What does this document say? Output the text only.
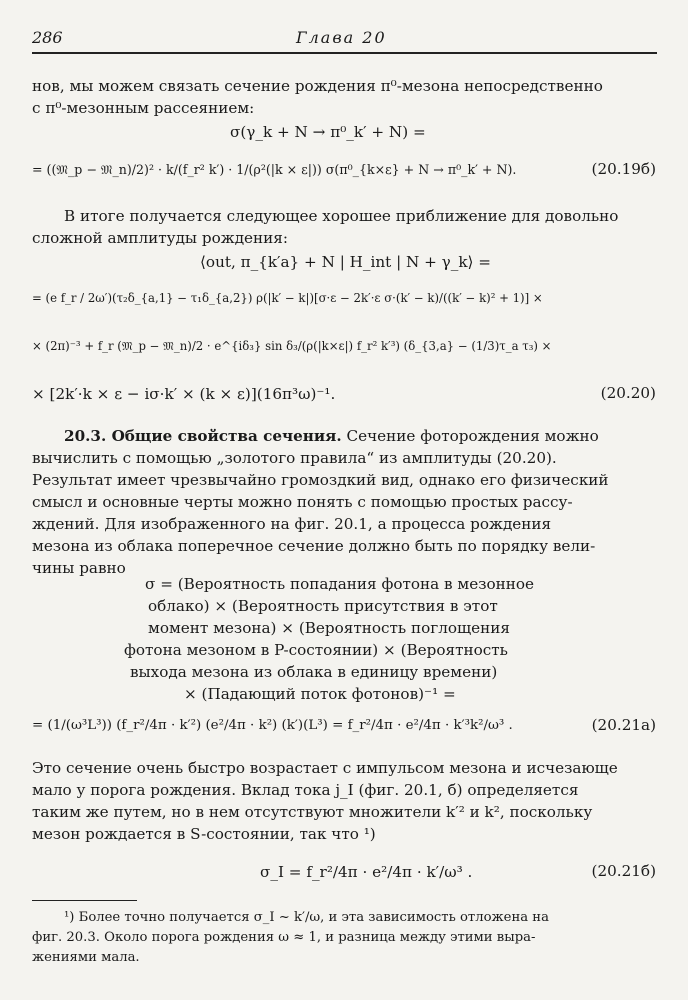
286	Глава 20
нов, мы можем связать сечение рождения π⁰-мезона непосредственно
с π⁰-мезонным рассеянием:
σ(γ_k + N → π⁰_k′ + N) =
= ((𝔐_p − 𝔐_n)/2)² · k/(f_r² k′) · 1/(ρ²(|k × ε|)) σ(π⁰_{k×ε} + N → π⁰_k′ + N).	(20.19б)
В итоге получается следующее хорошее приближение для довольно
сложной амплитуды рождения:
⟨out, π_{k′a} + N | H_int | N + γ_k⟩ =
= (e f_r / 2ω′)(τ₂δ_{a,1} − τ₁δ_{a,2}) ρ(|k′ − k|)[σ·ε − 2k′·ε σ·(k′ − k)/((k′ − k)² + 1)] ×
× (2π)⁻³ + f_r (𝔐_p − 𝔐_n)/2 · e^{iδ₃} sin δ₃/(ρ(|k×ε|) f_r² k′³) (δ_{3,a} − (1/3)τ_a τ₃) ×
× [2k′·k × ε − iσ·k′ × (k × ε)](16π³ω)⁻¹.	(20.20)
20.3. Общие свойства сечения. Сечение фоторождения можно
вычислить с помощью „золотого правила“ из амплитуды (20.20).
Результат имеет чрезвычайно громоздкий вид, однако его физический
смысл и основные черты можно понять с помощью простых рассу-
ждений. Для изображенного на фиг. 20.1, а процесса рождения
мезона из облака поперечное сечение должно быть по порядку вели-
чины равно
σ = (Вероятность попадания фотона в мезонное
облако) × (Вероятность присутствия в этот
момент мезона) × (Вероятность поглощения
фотона мезоном в P-состоянии) × (Вероятность
выхода мезона из облака в единицу времени)
× (Падающий поток фотонов)⁻¹ =
= (1/(ω³L³)) (f_r²/4π · k′²) (e²/4π · k²) (k′)(L³) = f_r²/4π · e²/4π · k′³k²/ω³ .	(20.21а)
Это сечение очень быстро возрастает с импульсом мезона и исчезающе
мало у порога рождения. Вклад тока j_I (фиг. 20.1, б) определяется
таким же путем, но в нем отсутствуют множители k′² и k², поскольку
мезон рождается в S-состоянии, так что ¹)
σ_I = f_r²/4π · e²/4π · k′/ω³ .	(20.21б)
¹) Более точно получается σ_I ~ k′/ω, и эта зависимость отложена на
фиг. 20.3. Около порога рождения ω ≈ 1, и разница между этими выра-
жениями мала.
